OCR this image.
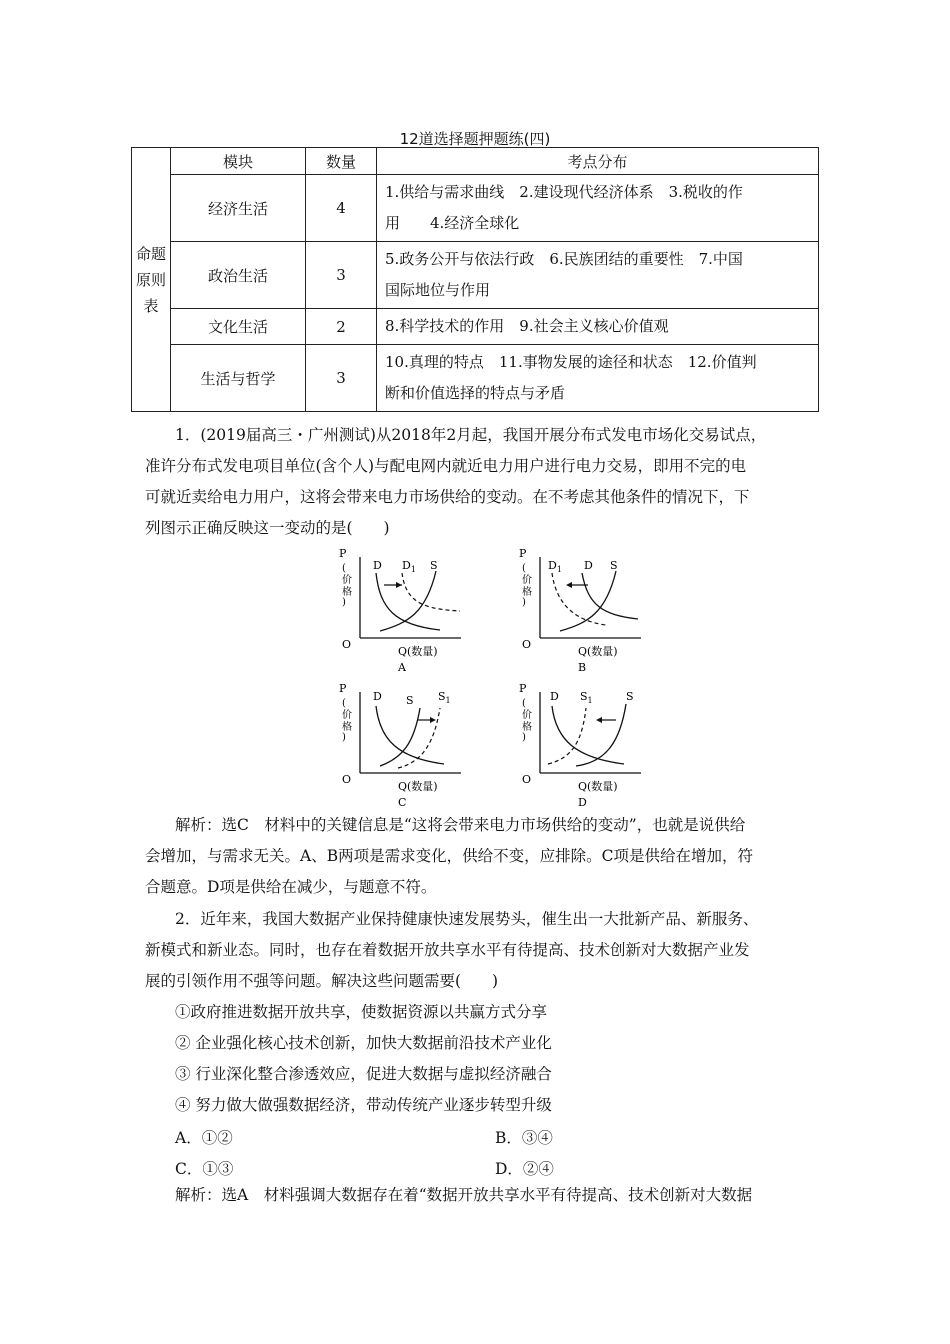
12道选择题押题练(四)
命题
原则
表	模块	数量	考点分布
	经济生活	4	1.供给与需求曲线　2.建设现代经济体系　3.税收的作
用　　4.经济全球化

	政治生活	3	5.政务公开与依法行政　6.民族团结的重要性　7.中国
国际地位与作用

	文化生活	2	8.科学技术的作用　9.社会主义核心价值观

	生活与哲学	3	10.真理的特点　11.事物发展的途径和状态　12.价值判
断和价值选择的特点与矛盾
1．(2019届高三・广州测试)从2018年2月起，我国开展分布式发电市场化交易试点，
准许分布式发电项目单位(含个人)与配电网内就近电力用户进行电力交易，即用不完的电
可就近卖给电力用户，这将会带来电力市场供给的变动。在不考虑其他条件的情况下，下
列图示正确反映这一变动的是(　　)
P
(
价
格
)
O
Q(数量)
D $D_1$ S
A
P
(
价
格
)
O
Q(数量)
$D_1$ D S
B
P
(
价
格
)
O
Q(数量)
D S $S_1$
C
P
(
价
格
)
O
Q(数量)
D $S_1$	S
D
解析：选C　材料中的关键信息是“这将会带来电力市场供给的变动”，也就是说供给
会增加，与需求无关。A、B两项是需求变化，供给不变，应排除。C项是供给在增加，符
合题意。D项是供给在减少，与题意不符。
2．近年来，我国大数据产业保持健康快速发展势头，催生出一大批新产品、新服务、
新模式和新业态。同时，也存在着数据开放共享水平有待提高、技术创新对大数据产业发
展的引领作用不强等问题。解决这些问题需要(　　)
①政府推进数据开放共享，使数据资源以共赢方式分享
② 企业强化核心技术创新，加快大数据前沿技术产业化
③ 行业深化整合渗透效应，促进大数据与虚拟经济融合
④ 努力做大做强数据经济，带动传统产业逐步转型升级
A．①②	B．③④
C．①③	D．②④
解析：选A　材料强调大数据存在着“数据开放共享水平有待提高、技术创新对大数据
